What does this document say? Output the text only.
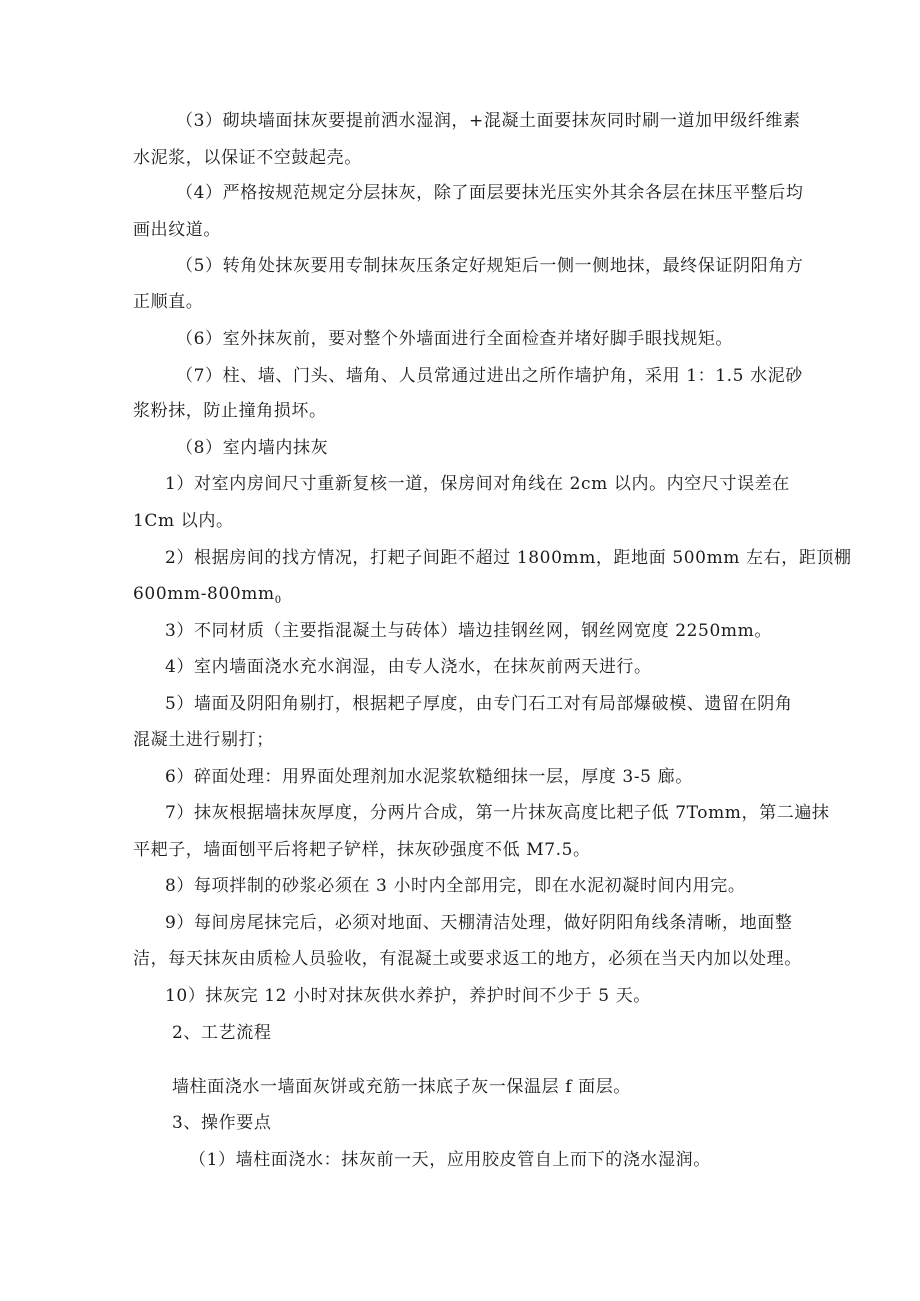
（3）砌块墙面抹灰要提前洒水湿润，+混凝土面要抹灰同时刷一道加甲级纤维素
水泥浆，以保证不空鼓起壳。
（4）严格按规范规定分层抹灰，除了面层要抹光压实外其余各层在抹压平整后均
画出纹道。
（5）转角处抹灰要用专制抹灰压条定好规矩后一侧一侧地抹，最终保证阴阳角方
正顺直。
（6）室外抹灰前，要对整个外墙面进行全面检查并堵好脚手眼找规矩。
（7）柱、墙、门头、墙角、人员常通过进出之所作墙护角，采用 1：1.5 水泥砂
浆粉抹，防止撞角损坏。
（8）室内墙内抹灰
1）对室内房间尺寸重新复核一道，保房间对角线在 2cm 以内。内空尺寸误差在
1Cm 以内。
2）根据房间的找方情况，打耙子间距不超过 1800mm，距地面 500mm 左右，距顶棚
$600mm-800mm_0$
3）不同材质（主要指混凝土与砖体）墙边挂钢丝网，钢丝网宽度 2250mm。
4）室内墙面浇水充水润湿，由专人浇水，在抹灰前两天进行。
5）墙面及阴阳角剔打，根据耙子厚度，由专门石工对有局部爆破模、遗留在阴角
混凝土进行剔打；
6）碎面处理：用界面处理剂加水泥浆软糙细抹一层，厚度 3-5 廊。
7）抹灰根据墙抹灰厚度，分两片合成，第一片抹灰高度比耙子低 7Tomm，第二遍抹
平耙子，墙面刨平后将耙子铲样，抹灰砂强度不低 M7.5。
8）每项拌制的砂浆必须在 3 小时内全部用完，即在水泥初凝时间内用完。
9）每间房尾抹完后，必须对地面、天棚清洁处理，做好阴阳角线条清晰，地面整
洁，每天抹灰由质检人员验收，有混凝土或要求返工的地方，必须在当天内加以处理。
10）抹灰完 12 小时对抹灰供水养护，养护时间不少于 5 天。
2、工艺流程
墙柱面浇水一墙面灰饼或充筋一抹底子灰一保温层 f 面层。
3、操作要点
（1）墙柱面浇水：抹灰前一天，应用胶皮管自上而下的浇水湿润。
